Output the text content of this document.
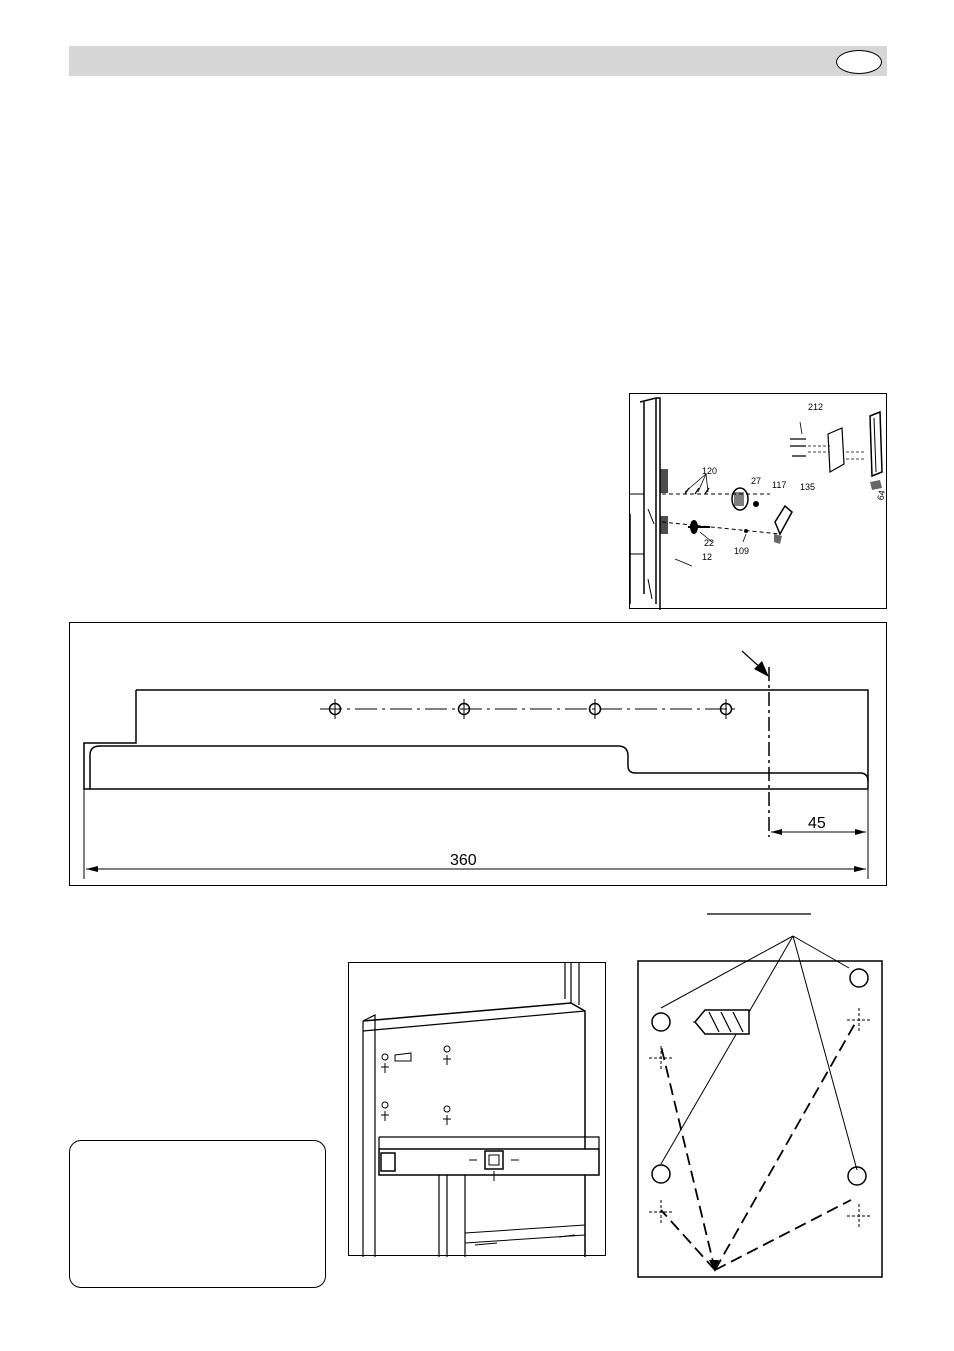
212
120
27 117 135
22
109
12
64
45
360
